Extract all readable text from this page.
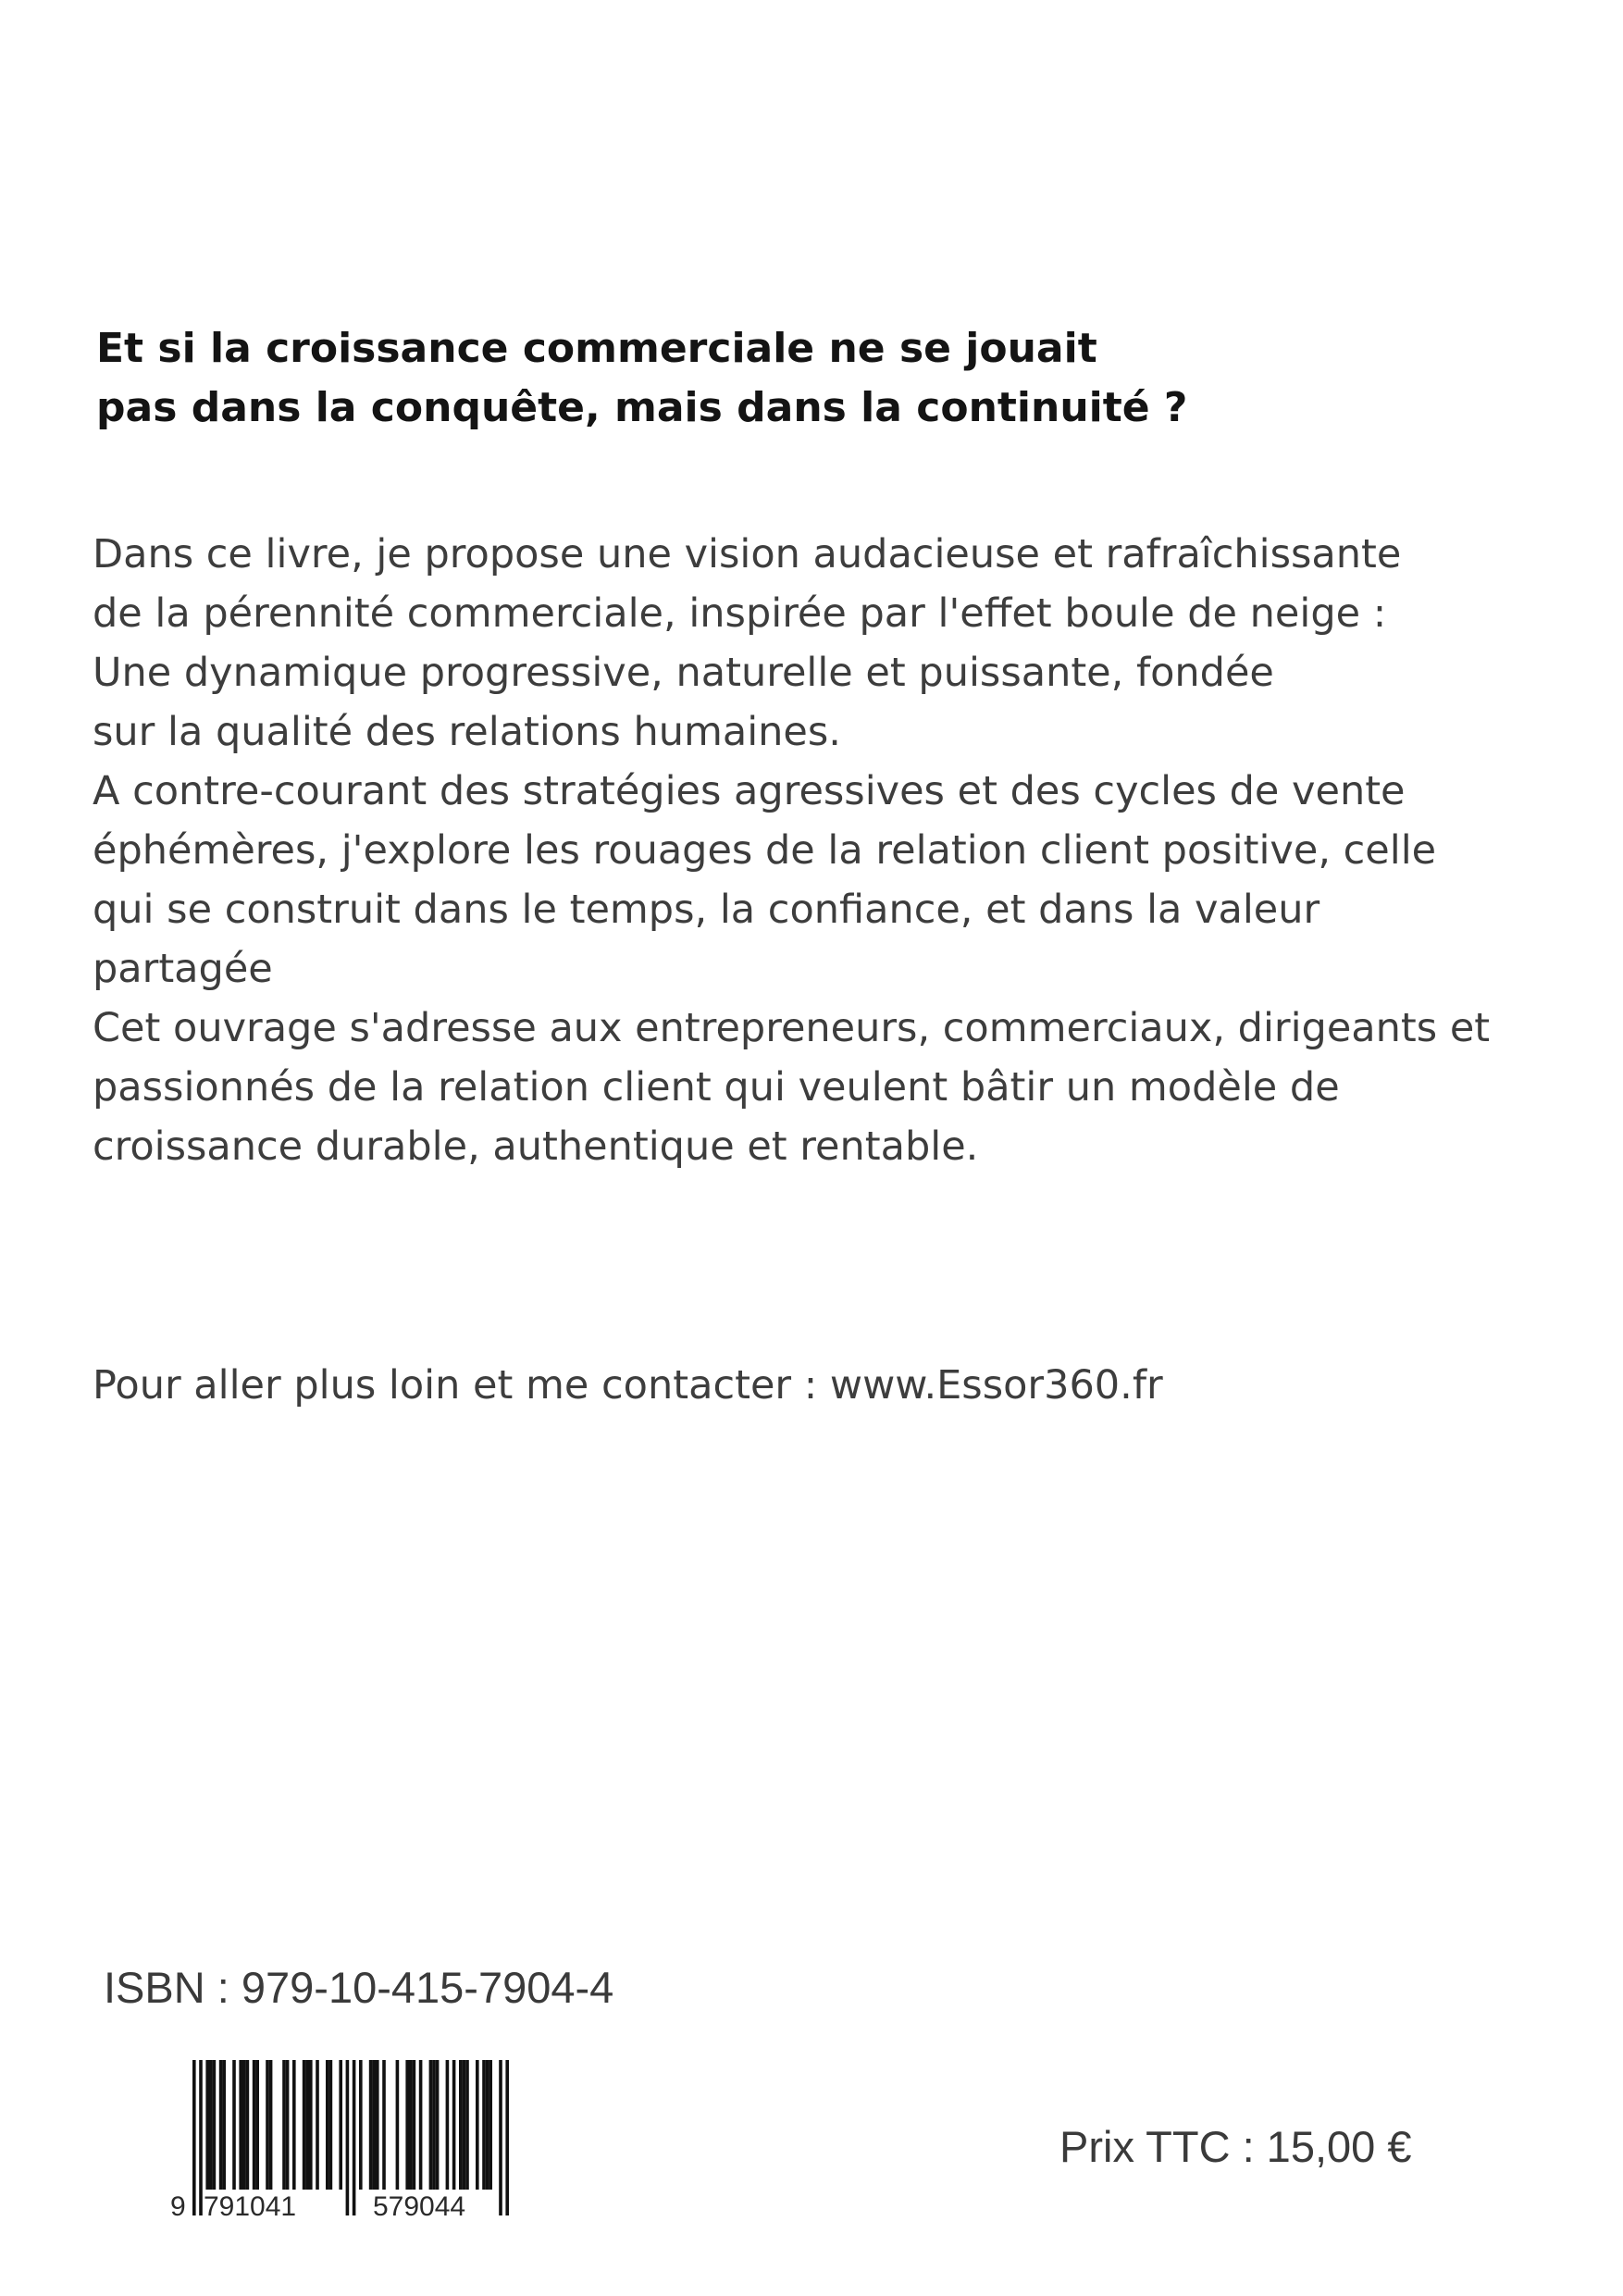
Et si la croissance commerciale ne se jouait
pas dans la conquête, mais dans la continuité ?
Dans ce livre, je propose une vision audacieuse et rafraîchissante
de la pérennité commerciale, inspirée par l'effet boule de neige :
Une dynamique progressive, naturelle et puissante, fondée
sur la qualité des relations humaines.
A contre-courant des stratégies agressives et des cycles de vente
éphémères, j'explore les rouages de la relation client positive, celle
qui se construit dans le temps, la confiance, et dans la valeur
partagée
Cet ouvrage s'adresse aux entrepreneurs, commerciaux, dirigeants et
passionnés de la relation client qui veulent bâtir un modèle de
croissance durable, authentique et rentable.
Pour aller plus loin et me contacter : www.Essor360.fr
ISBN : 979-10-415-7904-4
9 791041	579044
Prix TTC : 15,00 €
